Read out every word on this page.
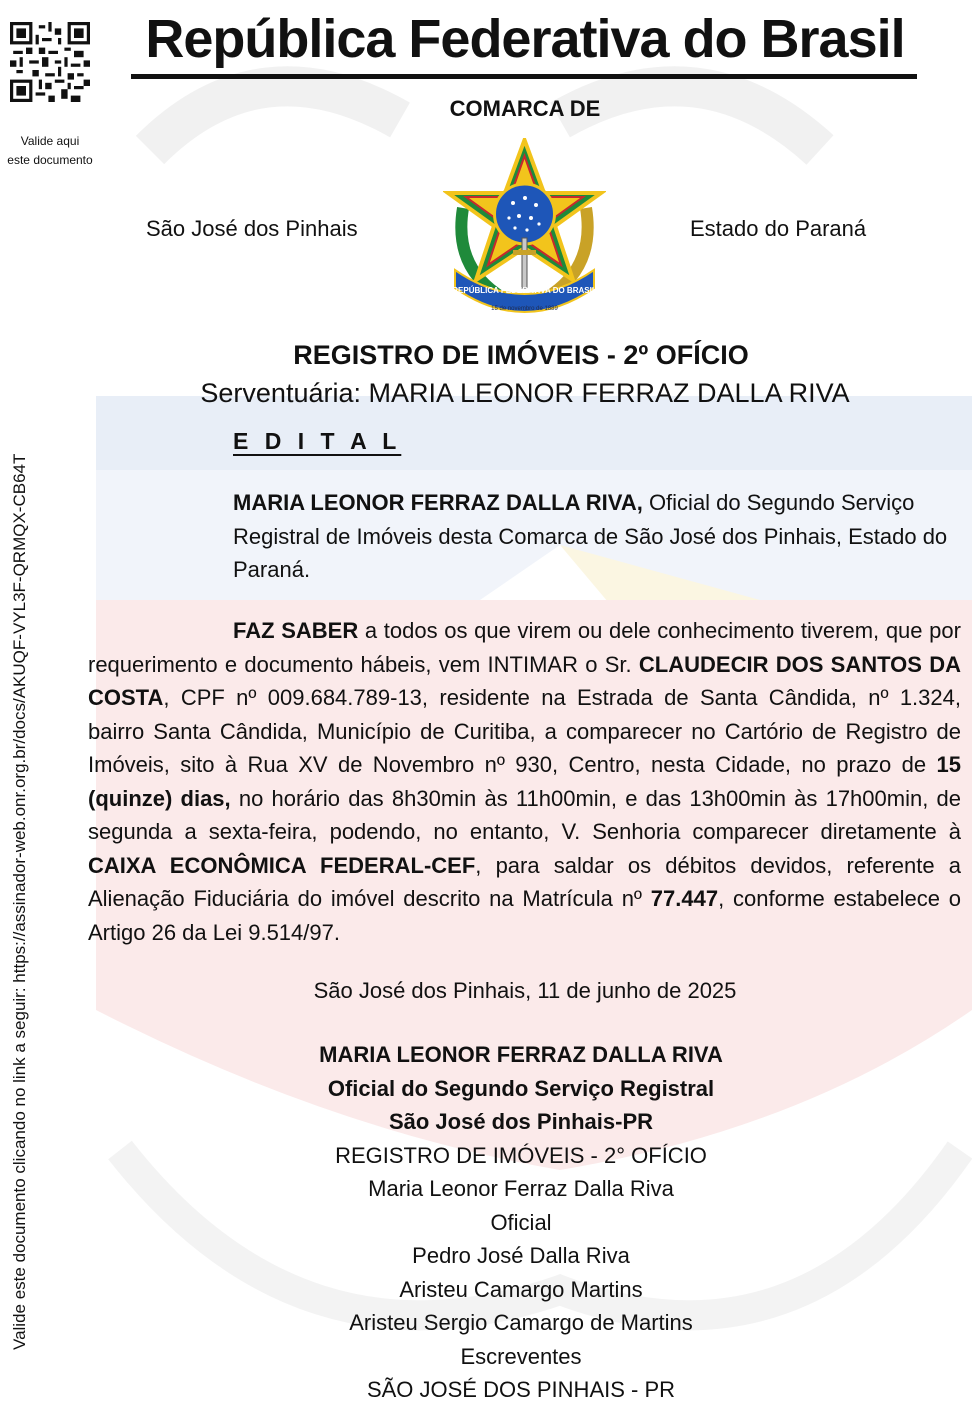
Valide aqui
este documento
Valide este documento clicando no link a seguir: https://assinador-web.onr.org.br/docs/AKUQF-VYL3F-QRMQX-CB64T
República Federativa do Brasil
COMARCA DE
São José dos Pinhais	Estado do Paraná
REPÚBLICA FEDERATIVA DO BRASIL
15 de novembro de 1889
REGISTRO DE IMÓVEIS - 2º OFÍCIO
Serventuária: MARIA LEONOR FERRAZ DALLA RIVA
E D I T A L
MARIA LEONOR FERRAZ DALLA RIVA, Oficial do Segundo Serviço Registral de Imóveis desta Comarca de São José dos Pinhais, Estado do Paraná.
FAZ SABER a todos os que virem ou dele conhecimento tiverem, que por requerimento e documento hábeis, vem INTIMAR o Sr. CLAUDECIR DOS SANTOS DA COSTA, CPF nº 009.684.789-13, residente na Estrada de Santa Cândida, nº 1.324, bairro Santa Cândida, Município de Curitiba, a comparecer no Cartório de Registro de Imóveis, sito à Rua XV de Novembro nº 930, Centro, nesta Cidade, no prazo de 15 (quinze) dias, no horário das 8h30min às 11h00min, e das 13h00min às 17h00min, de segunda a sexta-feira, podendo, no entanto, V. Senhoria comparecer diretamente à CAIXA ECONÔMICA FEDERAL-CEF, para saldar os débitos devidos, referente a Alienação Fiduciária do imóvel descrito na Matrícula nº 77.447, conforme estabelece o Artigo 26 da Lei 9.514/97.
São José dos Pinhais, 11 de junho de 2025
MARIA LEONOR FERRAZ DALLA RIVA
Oficial do Segundo Serviço Registral
São José dos Pinhais-PR
REGISTRO DE IMÓVEIS - 2° OFÍCIO
Maria Leonor Ferraz Dalla Riva
Oficial
Pedro José Dalla Riva
Aristeu Camargo Martins
Aristeu Sergio Camargo de Martins
Escreventes
SÃO JOSÉ DOS PINHAIS - PR
